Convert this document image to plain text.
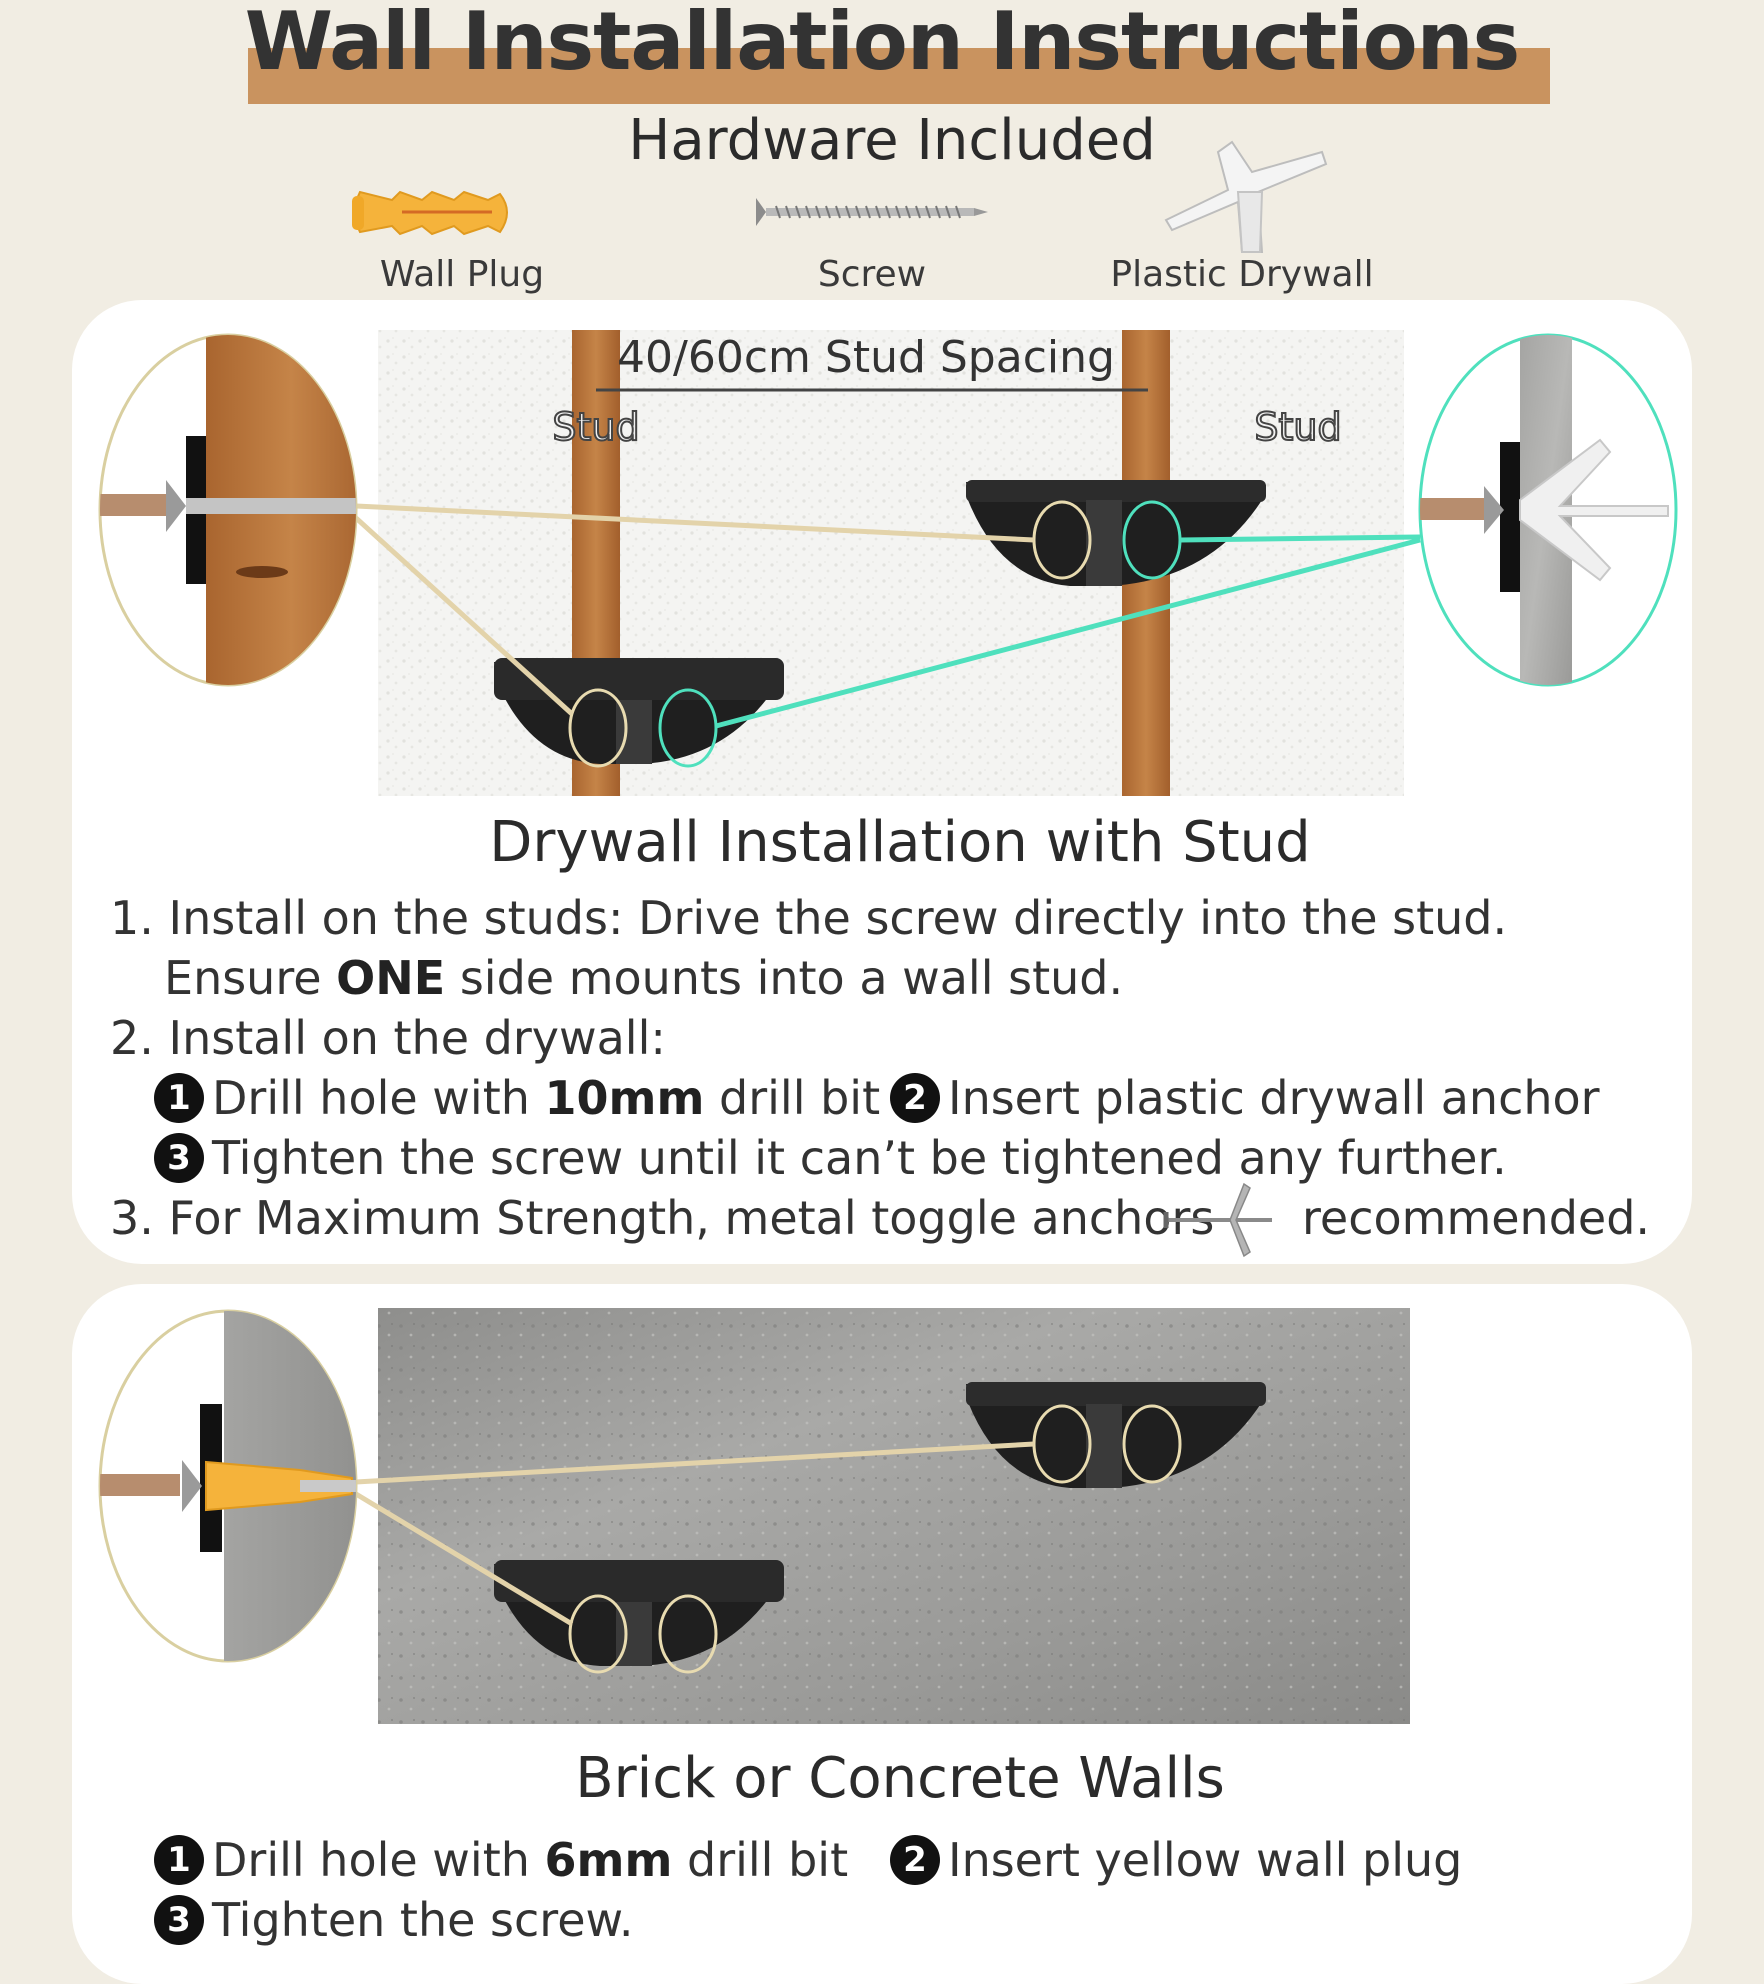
Wall Installation Instructions
Hardware Included
Wall Plug	Screw	Plastic Drywall
Stud	Stud
40/60cm Stud Spacing
Drywall Installation with Stud
1. Install on the studs: Drive the screw directly into the stud.
Ensure ONE side mounts into a wall stud.
2. Install on the drywall:
1 Drill hole with 10mm drill bit 2 Insert plastic drywall anchor
3 Tighten the screw until it can’t be tightened any further.
3. For Maximum Strength, metal toggle anchors recommended.
Brick or Concrete Walls
1 Drill hole with 6mm drill bit	2 Insert yellow wall plug
3 Tighten the screw.
